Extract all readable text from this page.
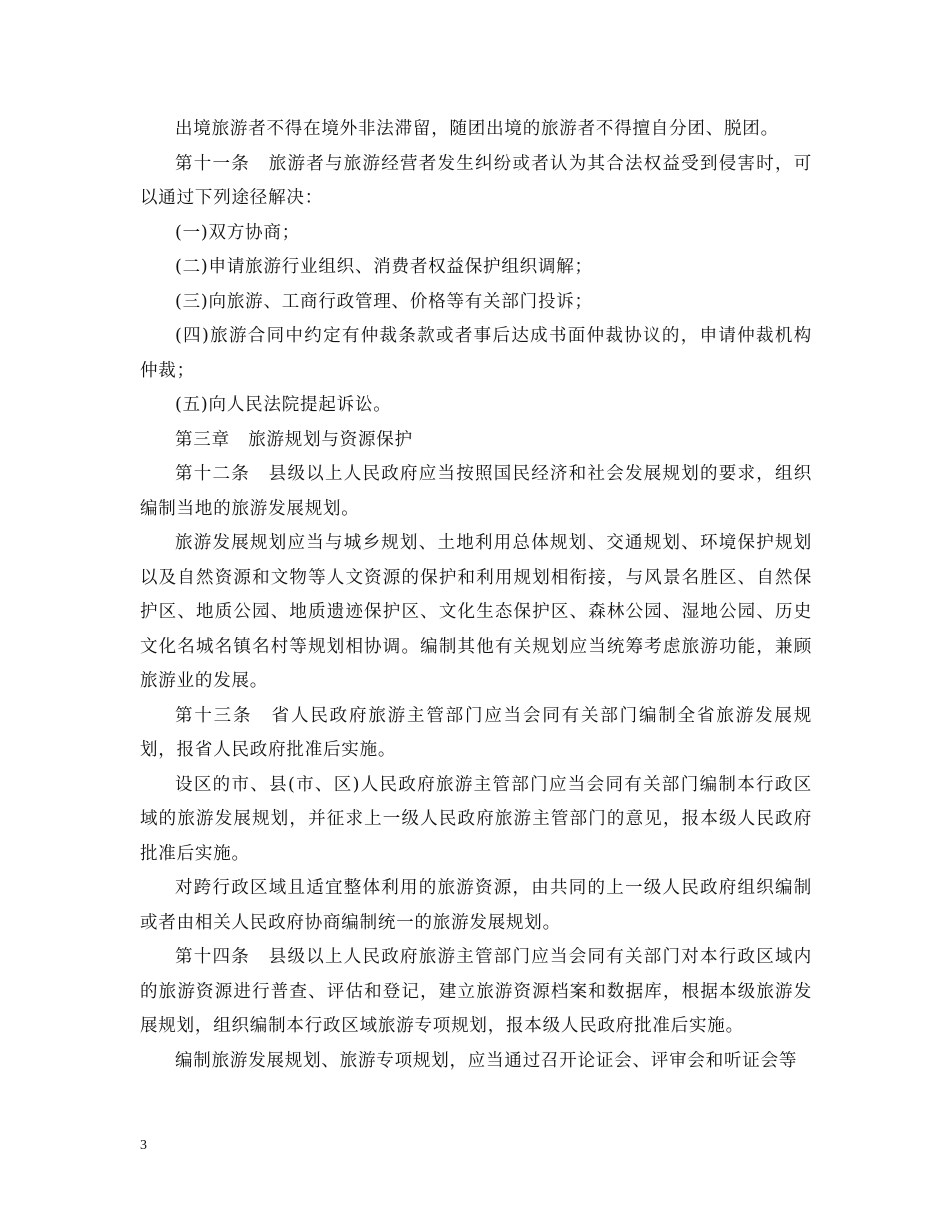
出境旅游者不得在境外非法滞留，随团出境的旅游者不得擅自分团、脱团。

第十一条　旅游者与旅游经营者发生纠纷或者认为其合法权益受到侵害时，可以通过下列途径解决：

(一)双方协商；

(二)申请旅游行业组织、消费者权益保护组织调解；

(三)向旅游、工商行政管理、价格等有关部门投诉；

(四)旅游合同中约定有仲裁条款或者事后达成书面仲裁协议的，申请仲裁机构仲裁；

(五)向人民法院提起诉讼。

第三章　旅游规划与资源保护

第十二条　县级以上人民政府应当按照国民经济和社会发展规划的要求，组织编制当地的旅游发展规划。

旅游发展规划应当与城乡规划、土地利用总体规划、交通规划、环境保护规划以及自然资源和文物等人文资源的保护和利用规划相衔接，与风景名胜区、自然保护区、地质公园、地质遗迹保护区、文化生态保护区、森林公园、湿地公园、历史文化名城名镇名村等规划相协调。编制其他有关规划应当统筹考虑旅游功能，兼顾旅游业的发展。

第十三条　省人民政府旅游主管部门应当会同有关部门编制全省旅游发展规划，报省人民政府批准后实施。

设区的市、县(市、区)人民政府旅游主管部门应当会同有关部门编制本行政区域的旅游发展规划，并征求上一级人民政府旅游主管部门的意见，报本级人民政府批准后实施。

对跨行政区域且适宜整体利用的旅游资源，由共同的上一级人民政府组织编制或者由相关人民政府协商编制统一的旅游发展规划。

第十四条　县级以上人民政府旅游主管部门应当会同有关部门对本行政区域内的旅游资源进行普查、评估和登记，建立旅游资源档案和数据库，根据本级旅游发展规划，组织编制本行政区域旅游专项规划，报本级人民政府批准后实施。

编制旅游发展规划、旅游专项规划，应当通过召开论证会、评审会和听证会等

3
